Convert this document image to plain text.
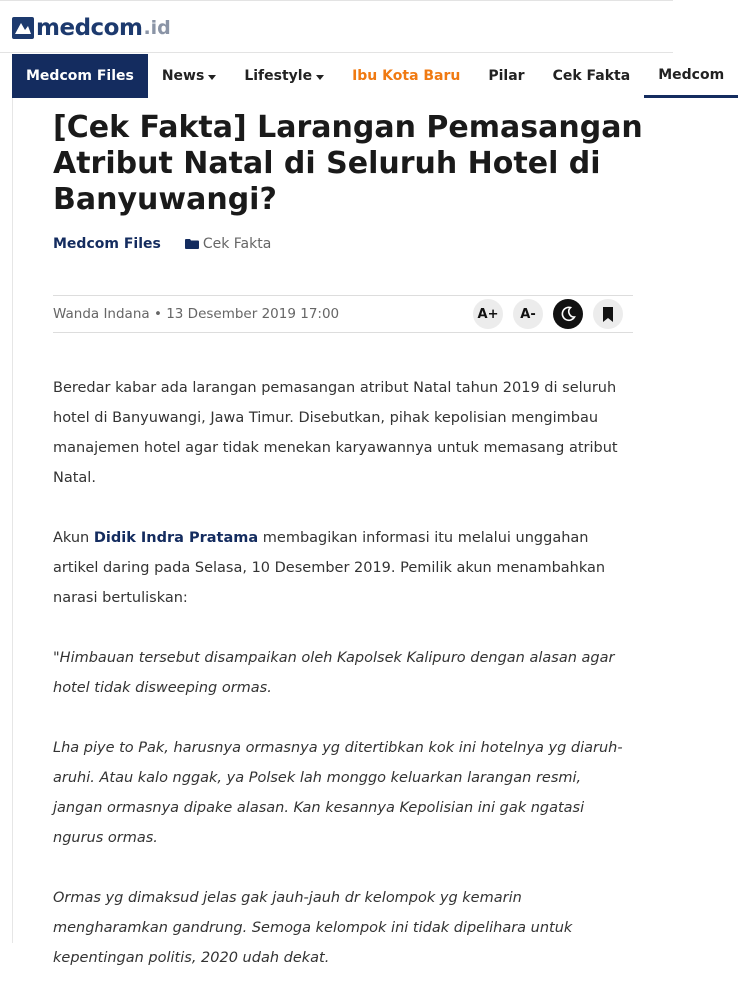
medcom .id
Medcom Files News	Lifestyle	Ibu Kota Baru Pilar Cek Fakta Medcom
[Cek Fakta] Larangan Pemasangan Atribut Natal di Seluruh Hotel di Banyuwangi?
Medcom Files	Cek Fakta
Wanda Indana • 13 Desember 2019 17:00	A+ A-

Beredar kabar ada larangan pemasangan atribut Natal tahun 2019 di seluruh hotel di Banyuwangi, Jawa Timur. Disebutkan, pihak kepolisian mengimbau manajemen hotel agar tidak menekan karyawannya untuk memasang atribut Natal.

Akun Didik Indra Pratama membagikan informasi itu melalui unggahan artikel daring pada Selasa, 10 Desember 2019. Pemilik akun menambahkan narasi bertuliskan:

"Himbauan tersebut disampaikan oleh Kapolsek Kalipuro dengan alasan agar hotel tidak disweeping ormas.

Lha piye to Pak, harusnya ormasnya yg ditertibkan kok ini hotelnya yg diaruh-aruhi. Atau kalo nggak, ya Polsek lah monggo keluarkan larangan resmi, jangan ormasnya dipake alasan. Kan kesannya Kepolisian ini gak ngatasi ngurus ormas.

Ormas yg dimaksud jelas gak jauh-jauh dr kelompok yg kemarin mengharamkan gandrung. Semoga kelompok ini tidak dipelihara untuk kepentingan politis, 2020 udah dekat.
